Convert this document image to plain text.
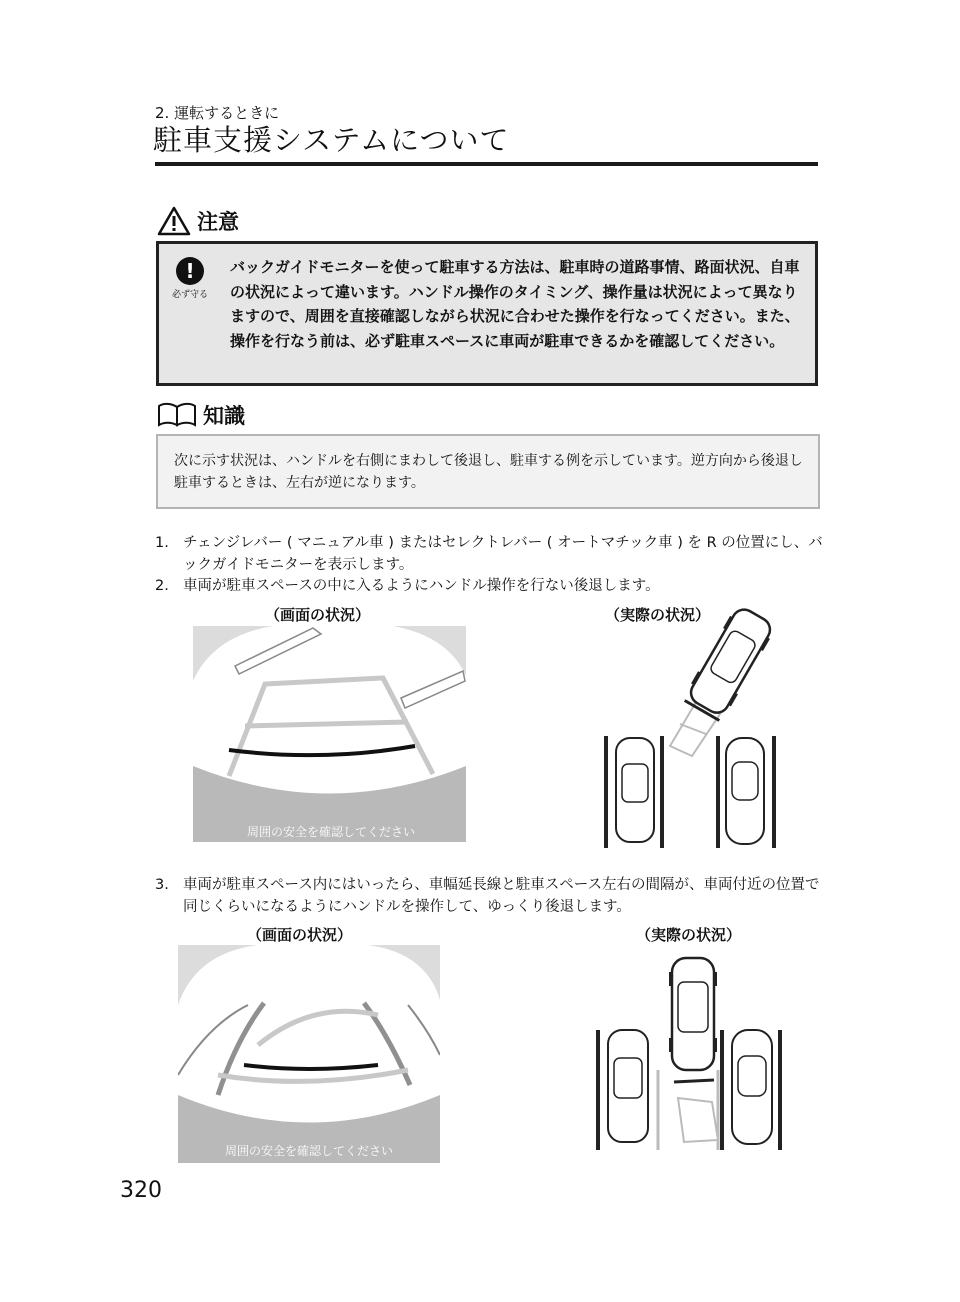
2. 運転するときに
駐車支援システムについて
注意
!
必ず守る
バックガイドモニターを使って駐車する方法は、駐車時の道路事情、路面状況、自車の状況によって違います。ハンドル操作のタイミング、操作量は状況によって異なりますので、周囲を直接確認しながら状況に合わせた操作を行なってください。また、操作を行なう前は、必ず駐車スペースに車両が駐車できるかを確認してください。
知識
次に示す状況は、ハンドルを右側にまわして後退し、駐車する例を示しています。逆方向から後退し駐車するときは、左右が逆になります。
1. チェンジレバー ( マニュアル車 ) またはセレクトレバー ( オートマチック車 ) を R の位置にし、バックガイドモニターを表示します。
2. 車両が駐車スペースの中に入るようにハンドル操作を行ない後退します。
（画面の状況）	（実際の状況）
周囲の安全を確認してください
3. 車両が駐車スペース内にはいったら、車幅延長線と駐車スペース左右の間隔が、車両付近の位置で同じくらいになるようにハンドルを操作して、ゆっくり後退します。
（画面の状況）	（実際の状況）
周囲の安全を確認してください
320
